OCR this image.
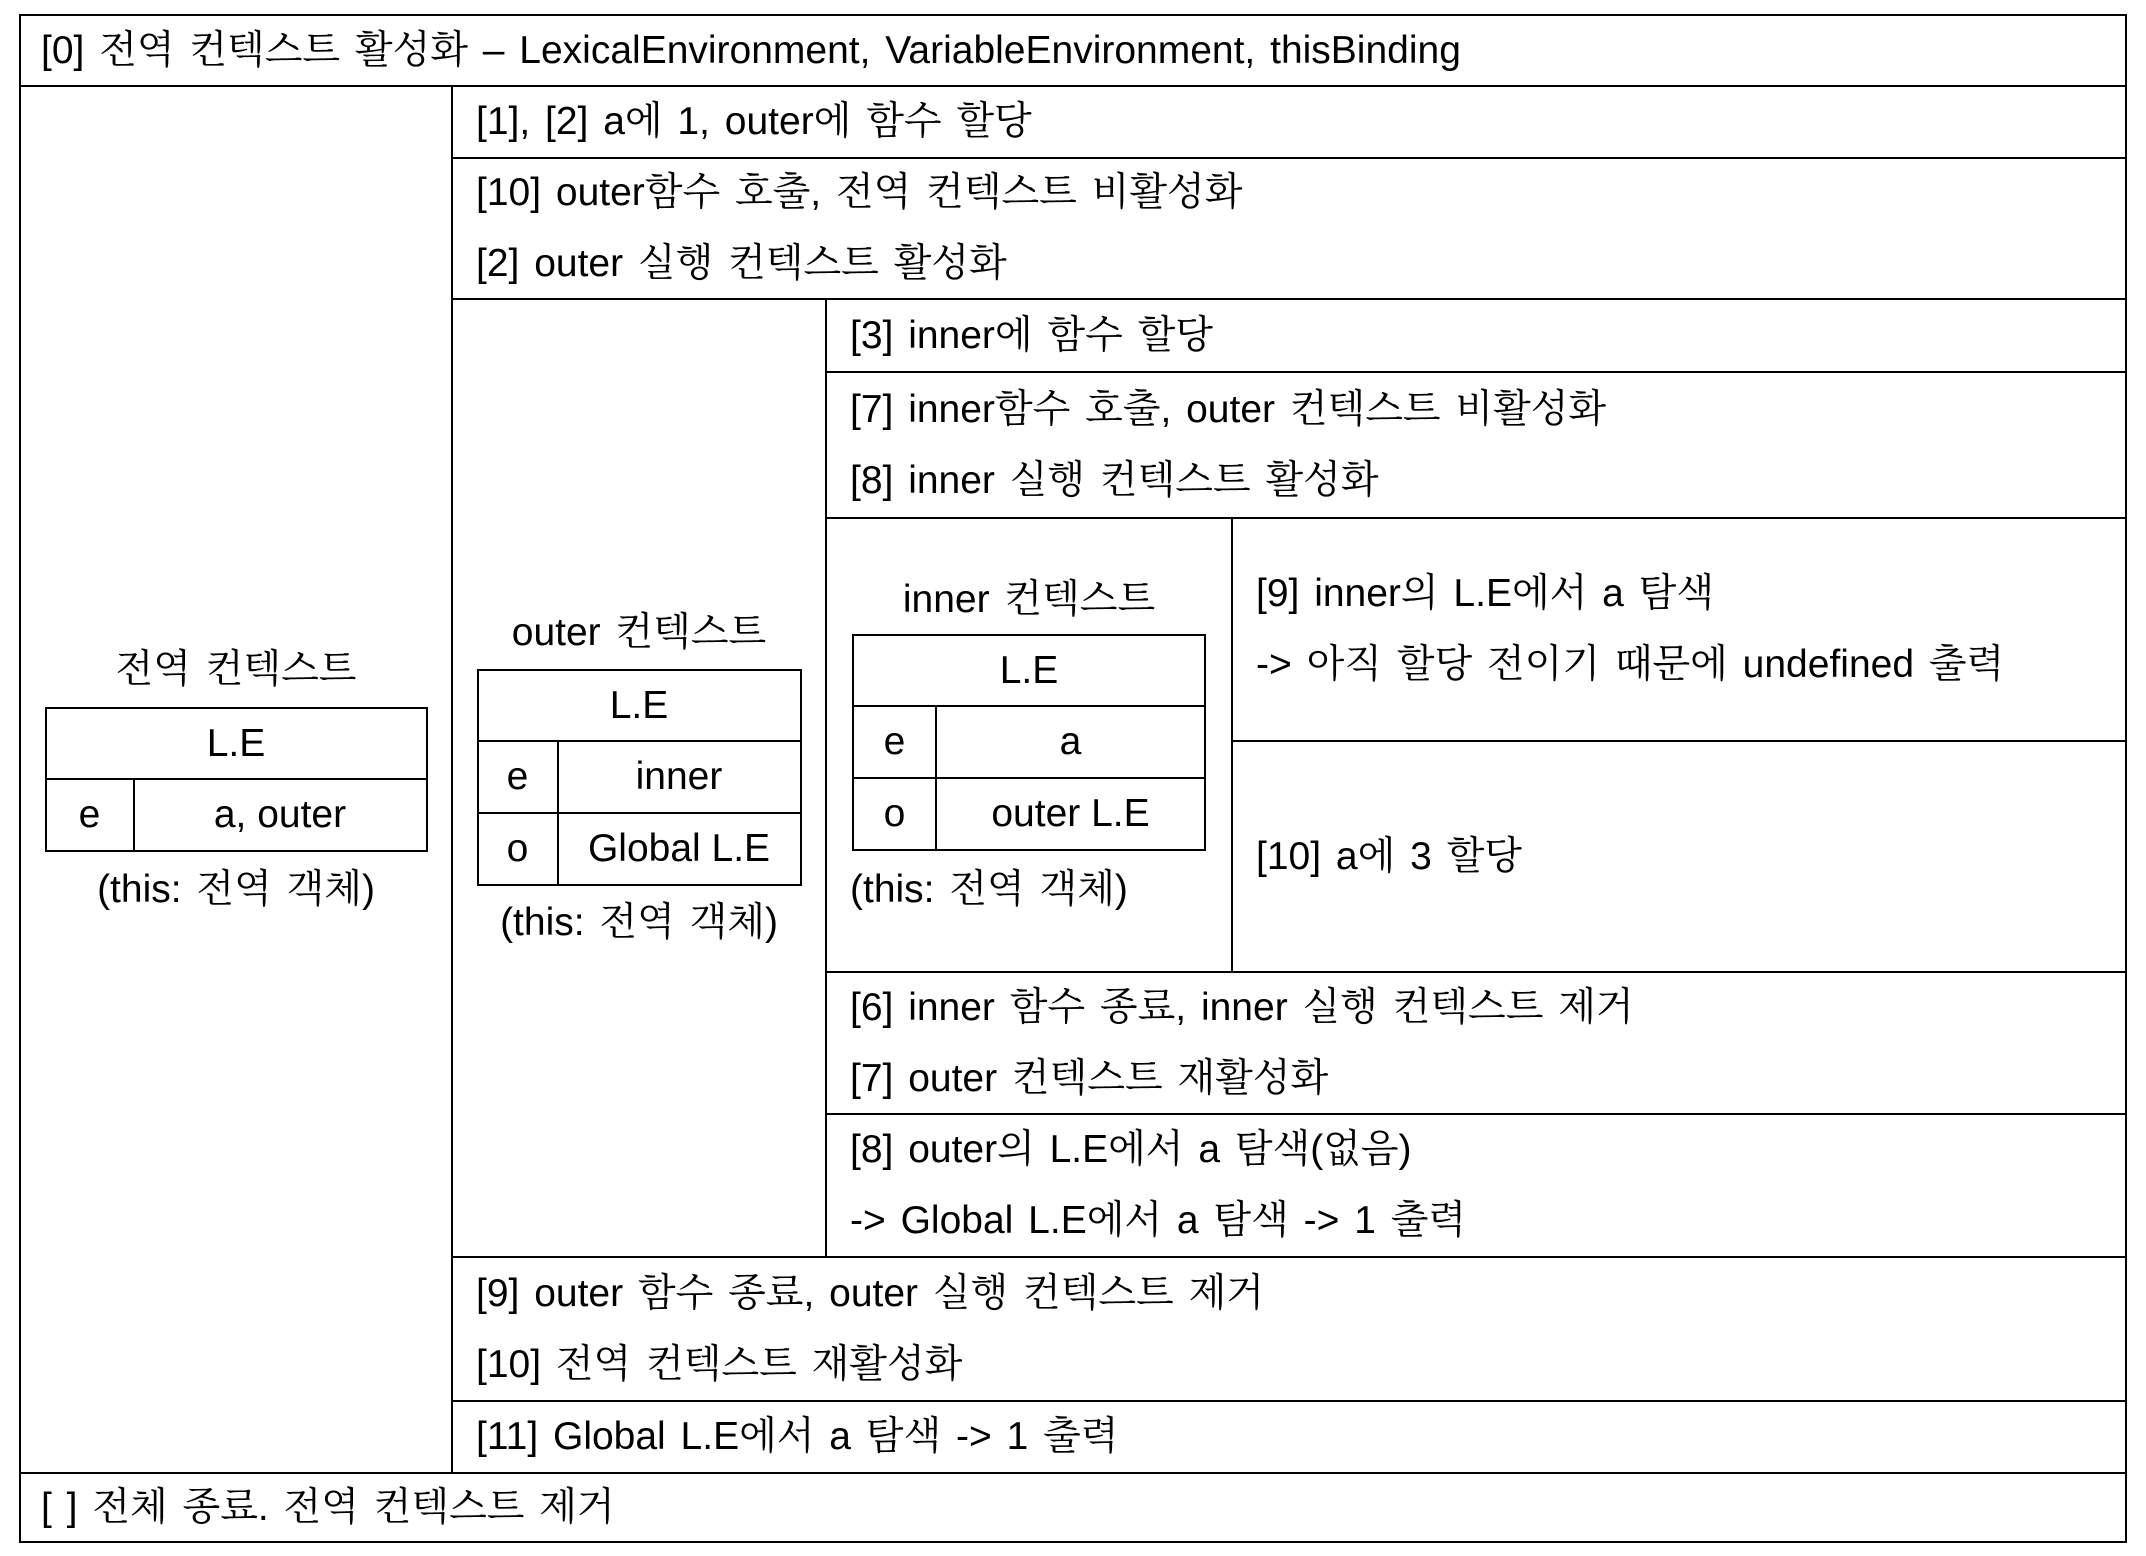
[0] 전역 컨텍스트 활성화 – LexicalEnvironment, VariableEnvironment, thisBinding
전역 컨텍스트
L.E
e	a, outer
(this: 전역 객체)
[1], [2] a에 1, outer에 함수 할당
[10] outer함수 호출, 전역 컨텍스트 비활성화
[2] outer 실행 컨텍스트 활성화
outer 컨텍스트
L.E
e	inner
o	Global L.E
(this: 전역 객체)
[3] inner에 함수 할당
[7] inner함수 호출, outer 컨텍스트 비활성화
[8] inner 실행 컨텍스트 활성화
inner 컨텍스트
L.E
e	a
o	outer L.E
(this: 전역 객체)
[9] inner의 L.E에서 a 탐색
-> 아직 할당 전이기 때문에 undefined 출력
[10] a에 3 할당
[6] inner 함수 종료, inner 실행 컨텍스트 제거
[7] outer 컨텍스트 재활성화
[8] outer의 L.E에서 a 탐색(없음)
-> Global L.E에서 a 탐색 -> 1 출력
[9] outer 함수 종료, outer 실행 컨텍스트 제거
[10] 전역 컨텍스트 재활성화
[11] Global L.E에서 a 탐색 -> 1 출력
[ ] 전체 종료. 전역 컨텍스트 제거
